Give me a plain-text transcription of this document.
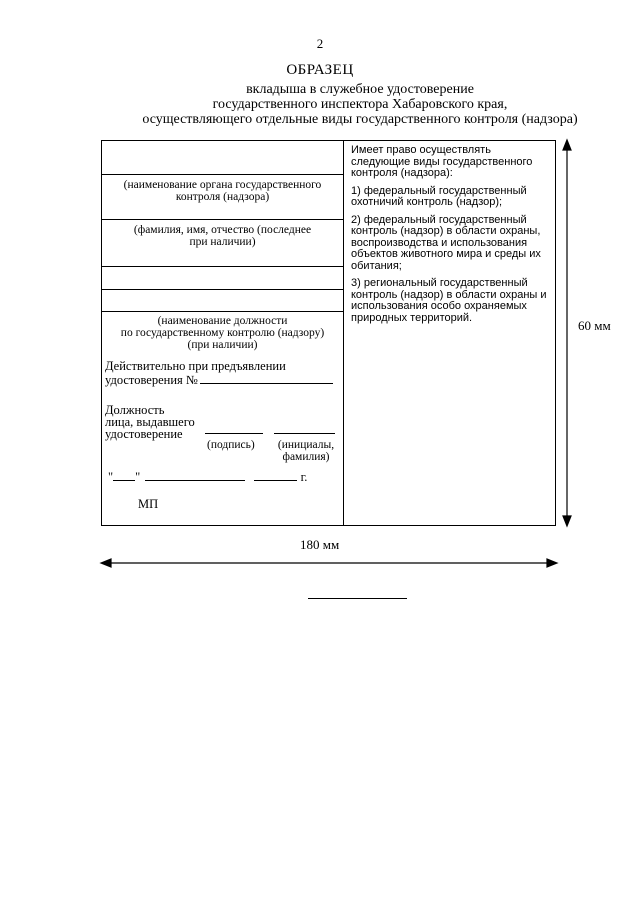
2
ОБРАЗЕЦ
вкладыша в служебное удостоверение
государственного инспектора Хабаровского края,
осуществляющего отдельные виды государственного контроля (надзора)
(наименование органа государственного
контроля (надзора)
(фамилия, имя, отчество (последнее
при наличии)
(наименование должности
по государственному контролю (надзору)
(при наличии)
Действительно при предъявлении
удостоверения №
Должность
лица, выдавшего
удостоверение
(подпись)	(инициалы,
фамилия)
" "	г.
МП

Имеет право осуществлять следующие виды государственного контроля (надзора):

1) федеральный государственный охотничий контроль (надзор);

2) федеральный государственный контроль (надзор) в области охраны, воспроизводства и использования объектов животного мира и среды их обитания;

3) региональный государственный контроль (надзор) в области охраны и использования особо охраняемых природных территорий.

60 мм
180 мм
